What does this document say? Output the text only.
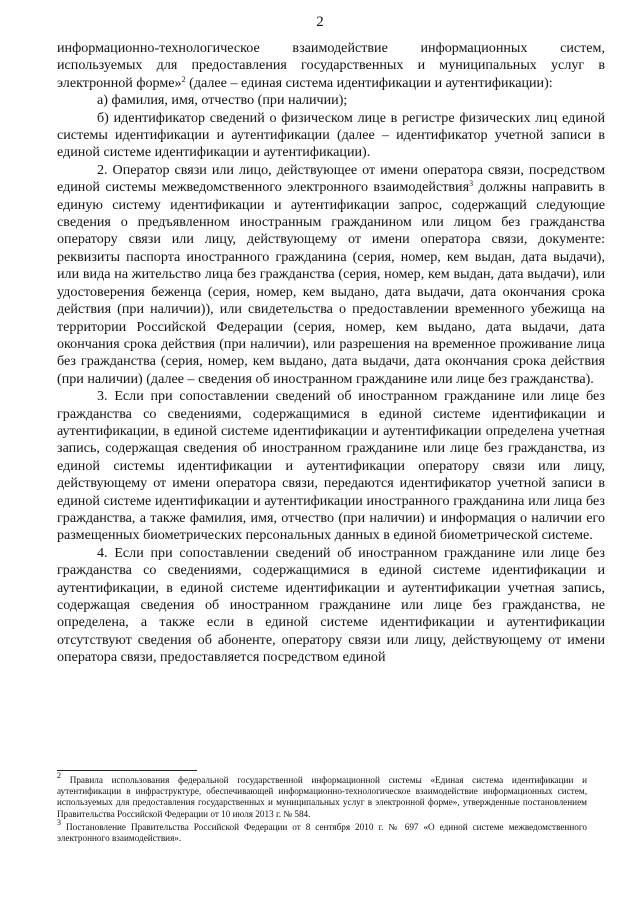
2

информационно-технологическое взаимодействие информационных систем, используемых для предоставления государственных и муниципальных услуг в электронной форме»$^2$ (далее – единая система идентификации и аутентификации):

а) фамилия, имя, отчество (при наличии);

б) идентификатор сведений о физическом лице в регистре физических лиц единой системы идентификации и аутентификации (далее – идентификатор учетной записи в единой системе идентификации и аутентификации).

2. Оператор связи или лицо, действующее от имени оператора связи, посредством единой системы межведомственного электронного взаимодействия$^3$ должны направить в единую систему идентификации и аутентификации запрос, содержащий следующие сведения о предъявленном иностранным гражданином или лицом без гражданства оператору связи или лицу, действующему от имени оператора связи, документе: реквизиты паспорта иностранного гражданина (серия, номер, кем выдан, дата выдачи), или вида на жительство лица без гражданства (серия, номер, кем выдан, дата выдачи), или удостоверения беженца (серия, номер, кем выдано, дата выдачи, дата окончания срока действия (при наличии)), или свидетельства о предоставлении временного убежища на территории Российской Федерации (серия, номер, кем выдано, дата выдачи, дата окончания срока действия (при наличии), или разрешения на временное проживание лица без гражданства (серия, номер, кем выдано, дата выдачи, дата окончания срока действия (при наличии) (далее – сведения об иностранном гражданине или лице без гражданства).

3. Если при сопоставлении сведений об иностранном гражданине или лице без гражданства со сведениями, содержащимися в единой системе идентификации и аутентификации, в единой системе идентификации и аутентификации определена учетная запись, содержащая сведения об иностранном гражданине или лице без гражданства, из единой системы идентификации и аутентификации оператору связи или лицу, действующему от имени оператора связи, передаются идентификатор учетной записи в единой системе идентификации и аутентификации иностранного гражданина или лица без гражданства, а также фамилия, имя, отчество (при наличии) и информация о наличии его размещенных биометрических персональных данных в единой биометрической системе.

4. Если при сопоставлении сведений об иностранном гражданине или лице без гражданства со сведениями, содержащимися в единой системе идентификации и аутентификации, в единой системе идентификации и аутентификации учетная запись, содержащая сведения об иностранном гражданине или лице без гражданства, не определена, а также если в единой системе идентификации и аутентификации отсутствуют сведения об абоненте, оператору связи или лицу, действующему от имени оператора связи, предоставляется посредством единой

$^2$ Правила использования федеральной государственной информационной системы «Единая система идентификации и аутентификации в инфраструктуре, обеспечивающей информационно-технологическое взаимодействие информационных систем, используемых для предоставления государственных и муниципальных услуг в электронной форме», утвержденные постановлением Правительства Российской Федерации от 10 июля 2013 г. № 584.

$^3$ Постановление Правительства Российской Федерации от 8 сентября 2010 г. № 697 «О единой системе межведомственного электронного взаимодействия».
